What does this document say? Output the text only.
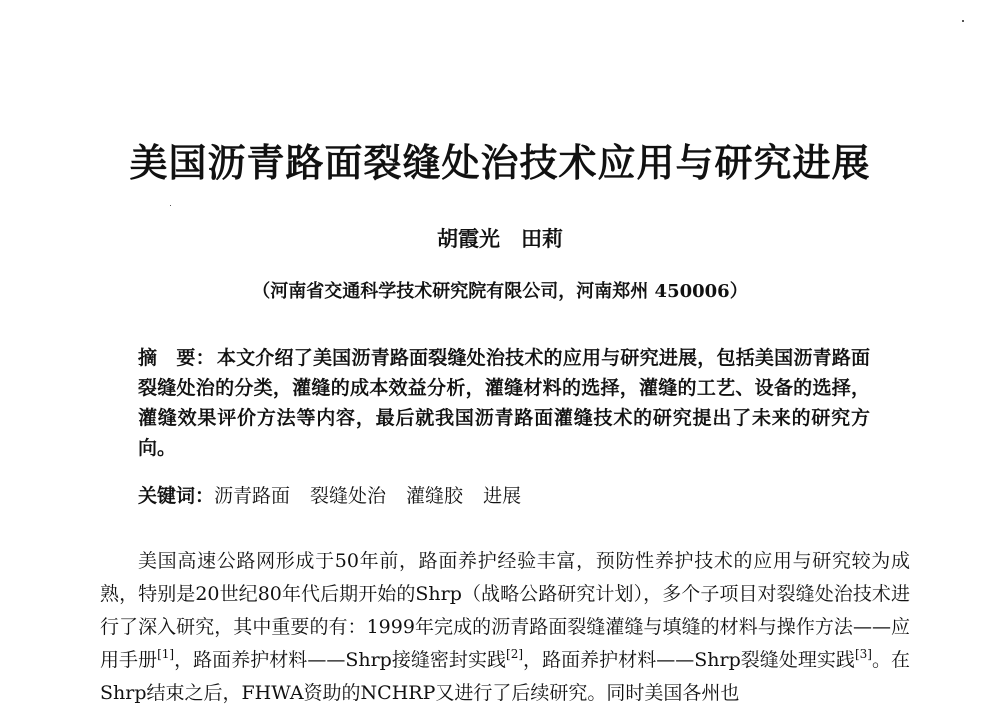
美国沥青路面裂缝处治技术应用与研究进展
胡霞光　田莉
（河南省交通科学技术研究院有限公司，河南郑州 450006）
摘　要： 本文介绍了美国沥青路面裂缝处治技术的应用与研究进展，包括美国沥青路面裂缝处治的分类，灌缝的成本效益分析，灌缝材料的选择，灌缝的工艺、设备的选择，灌缝效果评价方法等内容，最后就我国沥青路面灌缝技术的研究提出了未来的研究方向。
关键词：沥青路面 裂缝处治 灌缝胶 进展
美国高速公路网形成于50年前，路面养护经验丰富，预防性养护技术的应用与研究较为成熟，特别是20世纪80年代后期开始的Shrp（战略公路研究计划），多个子项目对裂缝处治技术进行了深入研究，其中重要的有：1999年完成的沥青路面裂缝灌缝与填缝的材料与操作方法——应用手册[1]，路面养护材料——Shrp接缝密封实践[2]，路面养护材料——Shrp裂缝处理实践[3]。在Shrp结束之后，FHWA资助的NCHRP又进行了后续研究。同时美国各州也
